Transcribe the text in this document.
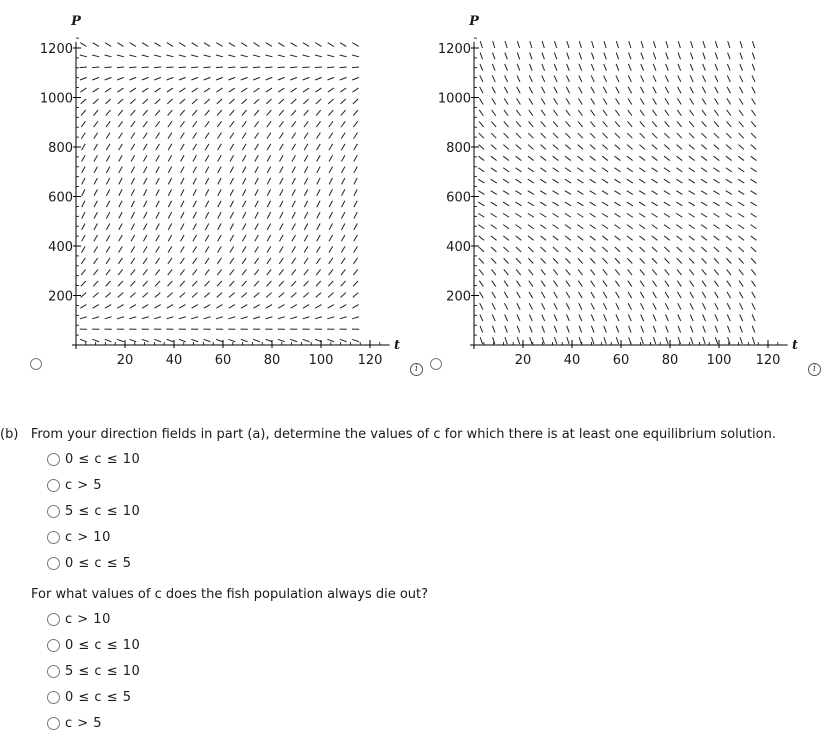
20 40 60 80 100 120
200
400
600
800
1000
1200
P
t
i
20 40 60 80 100 120
200
400
600
800
1000
1200
P
t
i
(b) From your direction fields in part (a), determine the values of c for which there is at least one equilibrium solution.
0 ≤ c ≤ 10
c > 5
5 ≤ c ≤ 10
c > 10
0 ≤ c ≤ 5
For what values of c does the fish population always die out?
c > 10
0 ≤ c ≤ 10
5 ≤ c ≤ 10
0 ≤ c ≤ 5
c > 5
